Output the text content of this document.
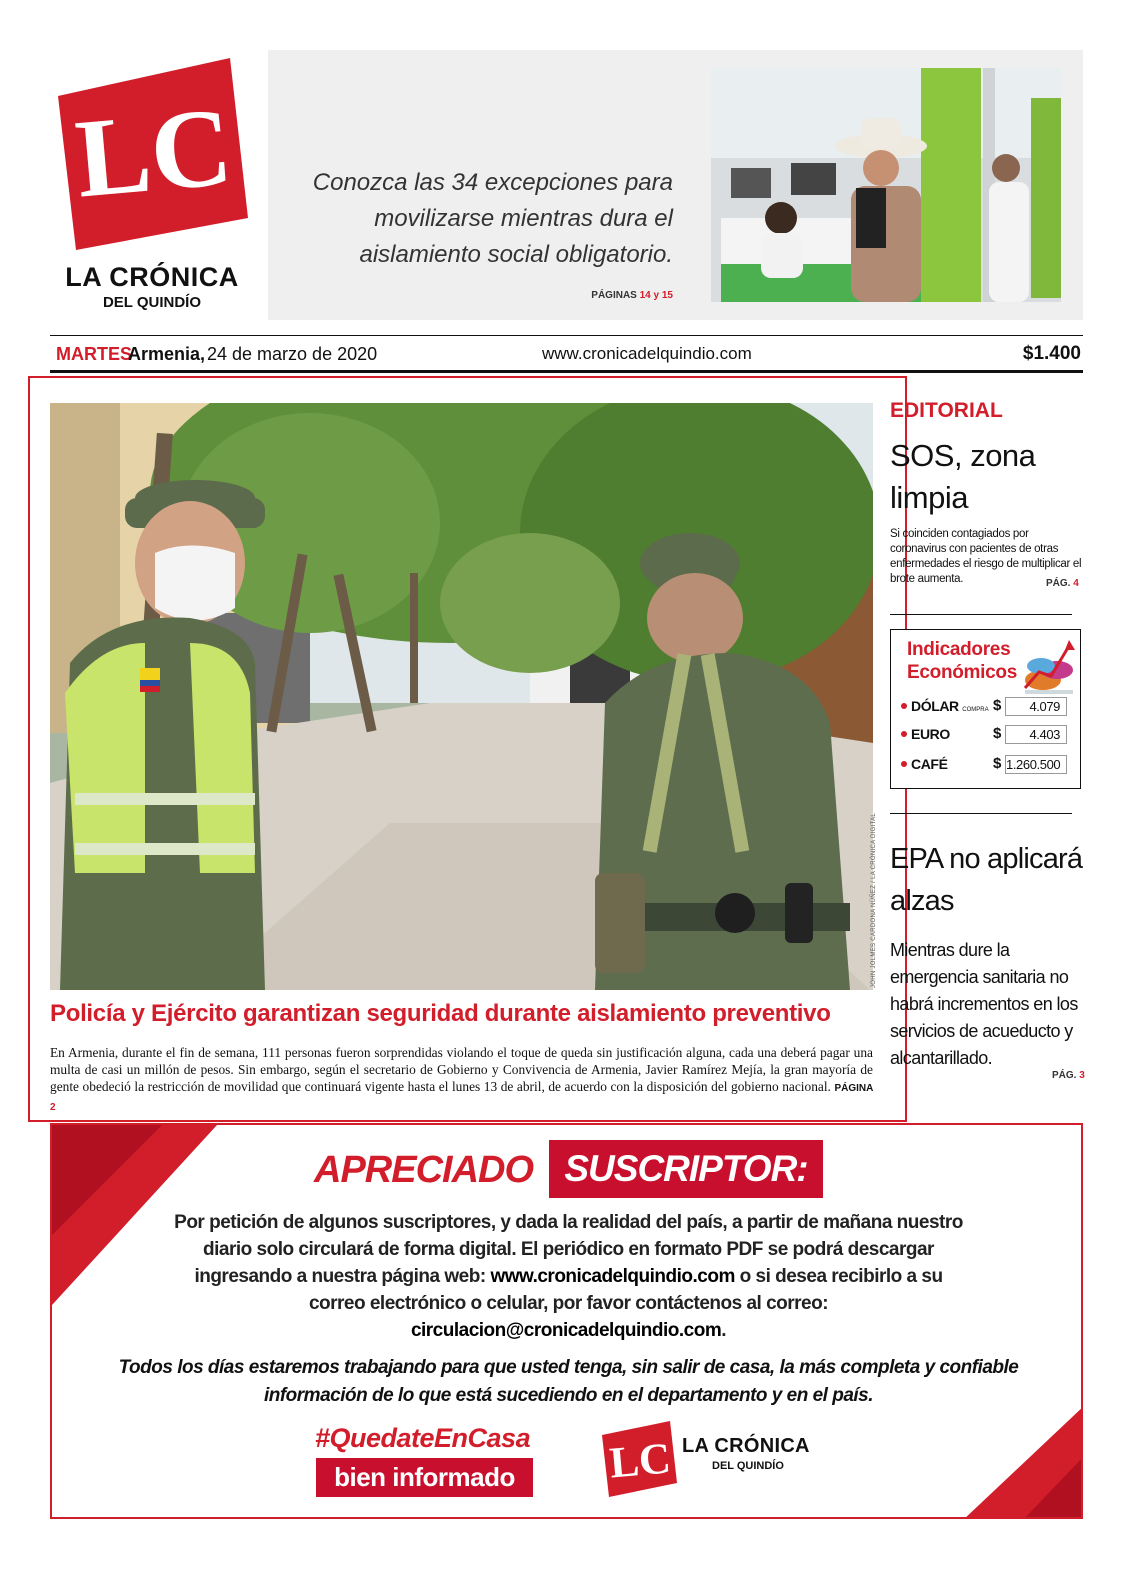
LC
LA CRÓNICA
DEL QUINDÍO
Conozca las 34 excepciones para movilizarse mientras dura el aislamiento social obligatorio.
PÁGINAS 14 y 15
MARTES
Armenia, 24 de marzo de 2020	www.cronicadelquindio.com	$1.400
JOHN JOLMES CARDONA NÚÑEZ / LA CRÓNICA DIGITAL
Policía y Ejército garantizan seguridad durante aislamiento preventivo

En Armenia, durante el fin de semana, 111 personas fueron sorprendidas violando el toque de queda sin justificación alguna, cada una deberá pagar una multa de casi un millón de pesos. Sin embargo, según el secretario de Gobierno y Convivencia de Armenia, Javier Ramírez Mejía, la gran mayoría de gente obedeció la restricción de movilidad que continuará vigente hasta el lunes 13 de abril, de acuerdo con la disposición del gobierno nacional. PÁGINA 2

EDITORIAL
SOS, zona limpia
Si coinciden contagiados por coronavirus con pacientes de otras enfermedades el riesgo de multiplicar el brote aumenta.	PÁG. 4
Indicadores Económicos
DÓLAR COMPRA $	4.079
EURO	$	4.403
CAFÉ	$ 1.260.500
EPA no aplicará alzas
Mientras dure la emergencia sanitaria no habrá incrementos en los servicios de acueducto y alcantarillado.
PÁG. 3
APRECIADO SUSCRIPTOR:

Por petición de algunos suscriptores, y dada la realidad del país, a partir de mañana nuestro diario solo circulará de forma digital. El periódico en formato PDF se podrá descargar ingresando a nuestra página web: www.cronicadelquindio.com o si desea recibirlo a su correo electrónico o celular, por favor contáctenos al correo: circulacion@cronicadelquindio.com.

Todos los días estaremos trabajando para que usted tenga, sin salir de casa, la más completa y confiable información de lo que está sucediendo en el departamento y en el país.

#QuedateEnCasa
bien informado	LC LA CRÓNICA
DEL QUINDÍO
